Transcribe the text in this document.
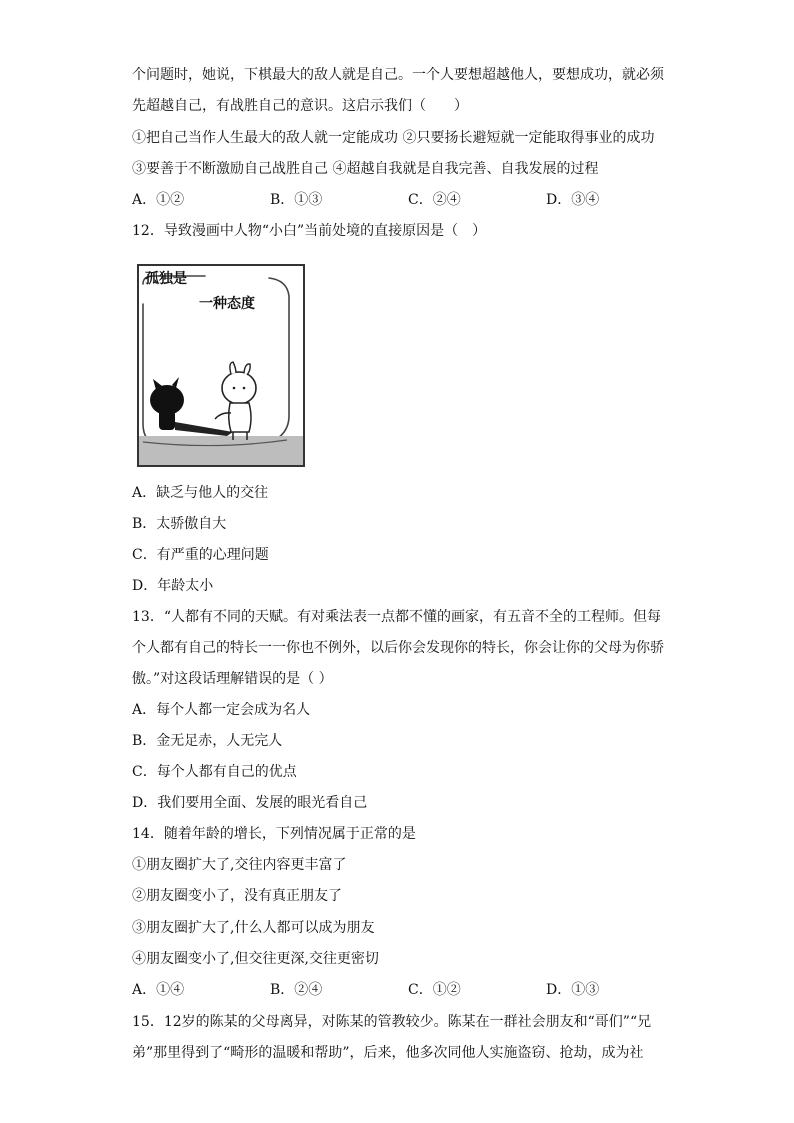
个问题时，她说，下棋最大的敌人就是自己。一个人要想超越他人，要想成功，就必须
先超越自己，有战胜自己的意识。这启示我们（　　）
①把自己当作人生最大的敌人就一定能成功 ②只要扬长避短就一定能取得事业的成功
③要善于不断激励自己战胜自己 ④超越自我就是自我完善、自我发展的过程
A．①②	B．①③	C．②④	D．③④
12．导致漫画中人物“小白”当前处境的直接原因是（　）
孤独是
一种态度
A．缺乏与他人的交往
B．太骄傲自大
C．有严重的心理问题
D．年龄太小
13．“人都有不同的天赋。有对乘法表一点都不懂的画家，有五音不全的工程师。但每
个人都有自己的特长一一你也不例外，以后你会发现你的特长，你会让你的父母为你骄
傲。”对这段话理解错误的是（ ）
A．每个人都一定会成为名人
B．金无足赤，人无完人
C．每个人都有自己的优点
D．我们要用全面、发展的眼光看自己
14．随着年龄的增长，下列情况属于正常的是
①朋友圈扩大了,交往内容更丰富了
②朋友圈变小了，没有真正朋友了
③朋友圈扩大了,什么人都可以成为朋友
④朋友圈变小了,但交往更深,交往更密切
A．①④	B．②④	C．①②	D．①③
15．12岁的陈某的父母离异，对陈某的管教较少。陈某在一群社会朋友和“哥们”“兄
弟”那里得到了“畸形的温暖和帮助”，后来，他多次同他人实施盗窃、抢劫，成为社
